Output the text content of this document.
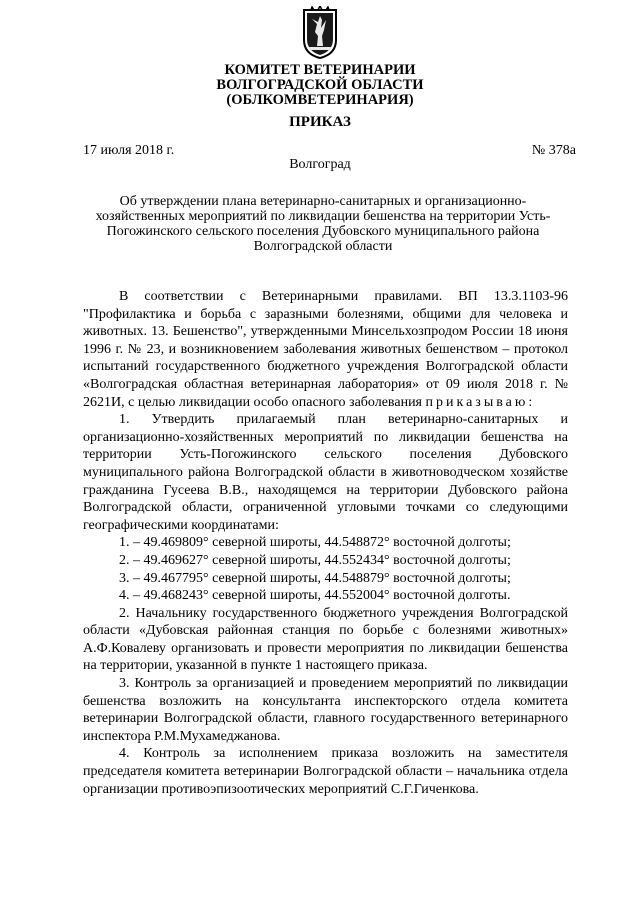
КОМИТЕТ ВЕТЕРИНАРИИ
ВОЛГОГРАДСКОЙ ОБЛАСТИ
(ОБЛКОМВЕТЕРИНАРИЯ)
ПРИКАЗ
17 июля 2018 г.	№ 378а
Волгоград
Об утверждении плана ветеринарно-санитарных и организационно-хозяйственных мероприятий по ликвидации бешенства на территории Усть-Погожинского сельского поселения Дубовского муниципального района Волгоградской области

В соответствии с Ветеринарными правилами. ВП 13.3.1103-96 "Профилактика и борьба с заразными болезнями, общими для человека и животных. 13. Бешенство", утвержденными Минсельхозпродом России 18 июня 1996 г. № 23, и возникновением заболевания животных бешенством – протокол испытаний государственного бюджетного учреждения Волгоградской области «Волгоградская областная ветеринарная лаборатория» от 09 июля 2018 г. № 2621И, с целью ликвидации особо опасного заболевания приказываю:

1. Утвердить прилагаемый план ветеринарно-санитарных и организационно-хозяйственных мероприятий по ликвидации бешенства на территории Усть-Погожинского сельского поселения Дубовского муниципального района Волгоградской области в животноводческом хозяйстве гражданина Гусеева В.В., находящемся на территории Дубовского района Волгоградской области, ограниченной угловыми точками со следующими географическими координатами:

1. – 49.469809° северной широты, 44.548872° восточной долготы;

2. – 49.469627° северной широты, 44.552434° восточной долготы;

3. – 49.467795° северной широты, 44.548879° восточной долготы;

4. – 49.468243° северной широты, 44.552004° восточной долготы.

2. Начальнику государственного бюджетного учреждения Волгоградской области «Дубовская районная станция по борьбе с болезнями животных» А.Ф.Ковалеву организовать и провести мероприятия по ликвидации бешенства на территории, указанной в пункте 1 настоящего приказа.

3. Контроль за организацией и проведением мероприятий по ликвидации бешенства возложить на консультанта инспекторского отдела комитета ветеринарии Волгоградской области, главного государственного ветеринарного инспектора Р.М.Мухамеджанова.

4. Контроль за исполнением приказа возложить на заместителя председателя комитета ветеринарии Волгоградской области – начальника отдела организации противоэпизоотических мероприятий С.Г.Гиченкова.
